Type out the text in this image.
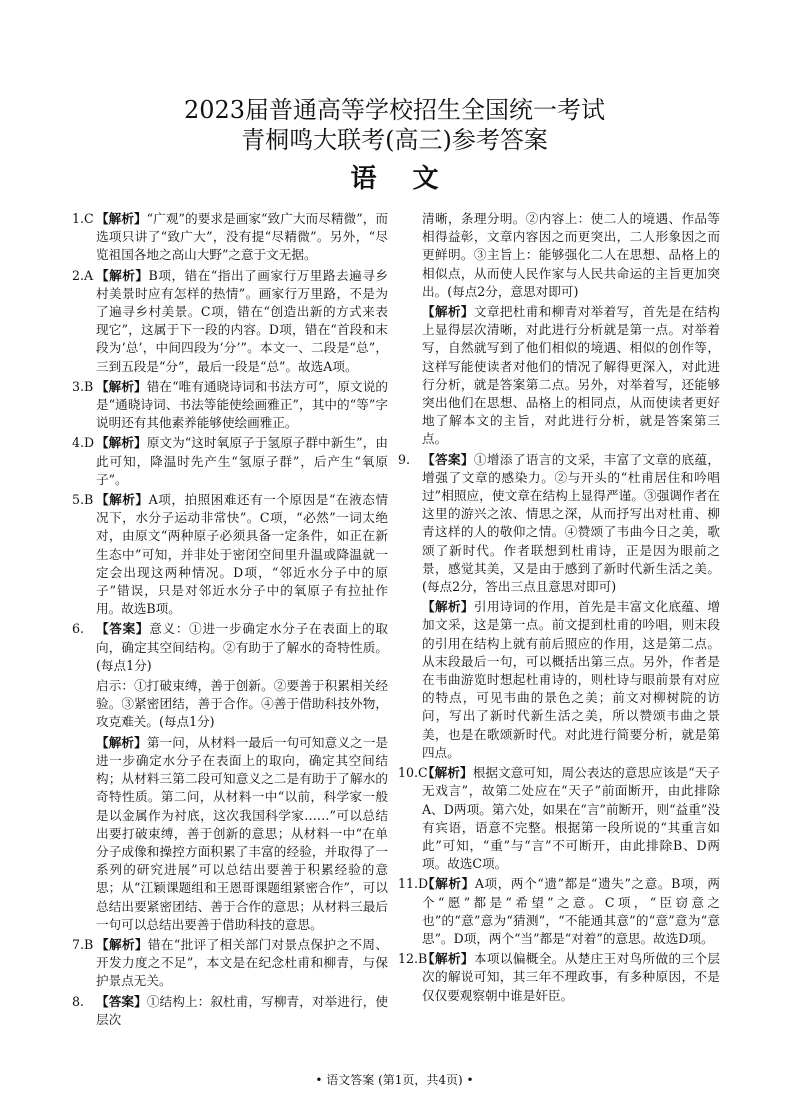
2023届普通高等学校招生全国统一考试
青桐鸣大联考(高三)参考答案
语文
1.C 【解析】“广观”的要求是画家“致广大而尽精微”，而选项只讲了“致广大”，没有提“尽精微”。另外，“尽览祖国各地之高山大野”之意于文无据。
2.A 【解析】B项，错在“指出了画家行万里路去遍寻乡村美景时应有怎样的热情”。画家行万里路，不是为了遍寻乡村美景。C项，错在“创造出新的方式来表现它”，这属于下一段的内容。D项，错在“首段和末段为‘总’，中间四段为‘分’”。本文一、二段是“总”，三到五段是“分”，最后一段是“总”。故选A项。
3.B 【解析】错在“唯有通晓诗词和书法方可”，原文说的是“通晓诗词、书法等能使绘画雅正”，其中的“等”字说明还有其他素养能够使绘画雅正。
4.D 【解析】原文为“这时氧原子于氢原子群中新生”，由此可知，降温时先产生“氢原子群”，后产生“氧原子”。
5.B 【解析】A项，拍照困难还有一个原因是“在液态情况下，水分子运动非常快”。C项，“必然”一词太绝对，由原文“两种原子必须具备一定条件，如正在新生态中”可知，并非处于密闭空间里升温或降温就一定会出现这两种情况。D项，“邻近水分子中的原子”错误，只是对邻近水分子中的氧原子有拉扯作用。故选B项。
6. 【答案】意义：①进一步确定水分子在表面上的取向，确定其空间结构。②有助于了解水的奇特性质。(每点1分)
启示：①打破束缚，善于创新。②要善于积累相关经验。③紧密团结，善于合作。④善于借助科技外物，攻克难关。(每点1分)
【解析】第一问，从材料一最后一句可知意义之一是进一步确定水分子在表面上的取向，确定其空间结构；从材料三第二段可知意义之二是有助于了解水的奇特性质。第二问，从材料一中“以前，科学家一般是以金属作为衬底，这次我国科学家……”可以总结出要打破束缚，善于创新的意思；从材料一中“在单分子成像和操控方面积累了丰富的经验，并取得了一系列的研究进展”可以总结出要善于积累经验的意思；从“江颖课题组和王恩哥课题组紧密合作”，可以总结出要紧密团结、善于合作的意思；从材料三最后一句可以总结出要善于借助科技的意思。
7.B 【解析】错在“批评了相关部门对景点保护之不周、开发力度之不足”，本文是在纪念杜甫和柳青，与保护景点无关。
8. 【答案】①结构上：叙杜甫，写柳青，对举进行，使层次
清晰，条理分明。②内容上：使二人的境遇、作品等相得益彰，文章内容因之而更突出，二人形象因之而更鲜明。③主旨上：能够强化二人在思想、品格上的相似点，从而使人民作家与人民共命运的主旨更加突出。(每点2分，意思对即可)
【解析】文章把杜甫和柳青对举着写，首先是在结构上显得层次清晰，对此进行分析就是第一点。对举着写，自然就写到了他们相似的境遇、相似的创作等，这样写能使读者对他们的情况了解得更深入，对此进行分析，就是答案第二点。另外，对举着写，还能够突出他们在思想、品格上的相同点，从而使读者更好地了解本文的主旨，对此进行分析，就是答案第三点。
9. 【答案】①增添了语言的文采，丰富了文章的底蕴，增强了文章的感染力。②与开头的“杜甫居住和吟唱过”相照应，使文章在结构上显得严谨。③强调作者在这里的游兴之浓、情思之深，从而抒写出对杜甫、柳青这样的人的敬仰之情。④赞颂了韦曲今日之美，歌颂了新时代。作者联想到杜甫诗，正是因为眼前之景，感觉其美，又是由于感到了新时代新生活之美。(每点2分，答出三点且意思对即可)
【解析】引用诗词的作用，首先是丰富文化底蕴、增加文采，这是第一点。前文提到杜甫的吟唱，则末段的引用在结构上就有前后照应的作用，这是第二点。从末段最后一句，可以概括出第三点。另外，作者是在韦曲游览时想起杜甫诗的，则杜诗与眼前景有对应的特点，可见韦曲的景色之美；前文对柳树院的访问，写出了新时代新生活之美，所以赞颂韦曲之景美，也是在歌颂新时代。对此进行简要分析，就是第四点。
10.C
【解析】根据文意可知，周公表达的意思应该是“天子无戏言”，故第二处应在“天子”前面断开，由此排除A、D两项。第六处，如果在“言”前断开，则“益重”没有宾语，语意不完整。根据第一段所说的“其重言如此”可知，“重”与“言”不可断开，由此排除B、D两项。故选C项。
11.D
【解析】A项，两个“遗”都是“遗失”之意。B项，两个“愿”都是“希望”之意。C项，“臣窃意之也”的“意”意为“猜测”，“不能通其意”的“意”意为“意思”。D项，两个“当”都是“对着”的意思。故选D项。
12.B
【解析】本项以偏概全。从楚庄王对鸟所做的三个层次的解说可知，其三年不理政事，有多种原因，不是仅仅要观察朝中谁是奸臣。
• 语文答案 (第1页，共4页) •
